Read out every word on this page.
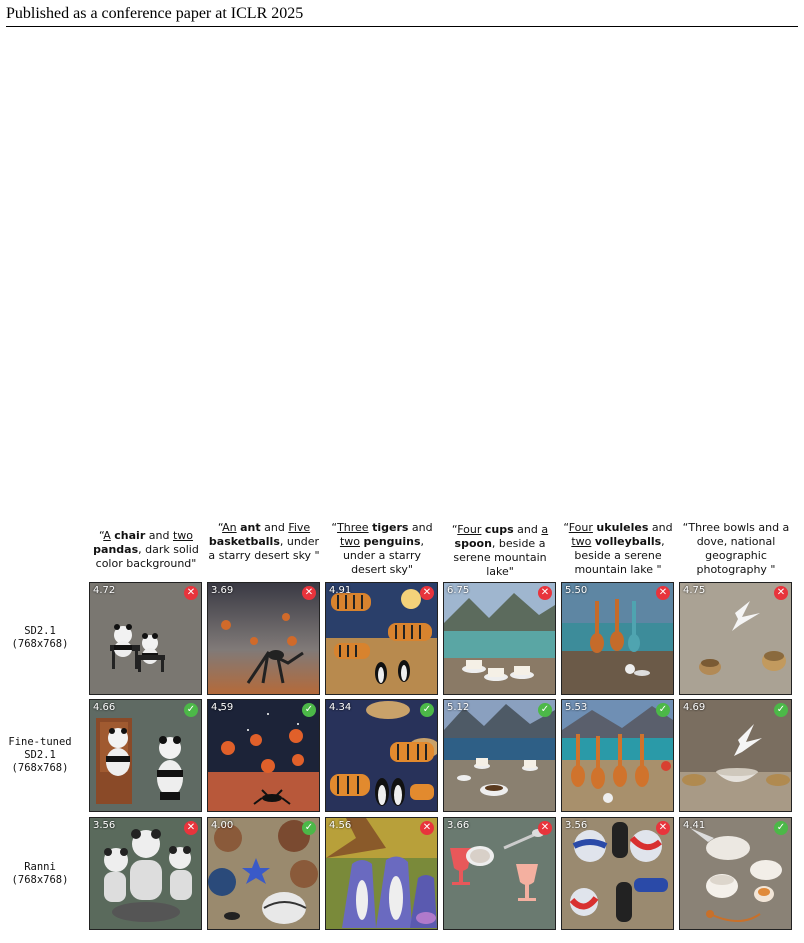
Published as a conference paper at ICLR 2025
“A chair and two pandas, dark solid color background"
“An ant and Five basketballs, under a starry desert sky "
“Three tigers and two penguins, under a starry desert sky"
“Four cups and a spoon, beside a serene mountain lake"
“Four ukuleles and two volleyballs, beside a serene mountain lake "
“Three bowls and a dove, national geographic photography "
SD2.1
(768x768)
Fine-tuned
SD2.1
(768x768)
Ranni
(768x768)
4.72	✕ 3.69	✕ 4.91	✕ 6.75	✕ 5.50	✕ 4.75	✕
4.66	✓ 4.59	✓ 4.34	✓ 5.12	✓ 5.53	✓ 4.69	✓
3.56	✕ 4.00	✓ 4.56	✕ 3.66	✕ 3.56	✕ 4.41	✓
